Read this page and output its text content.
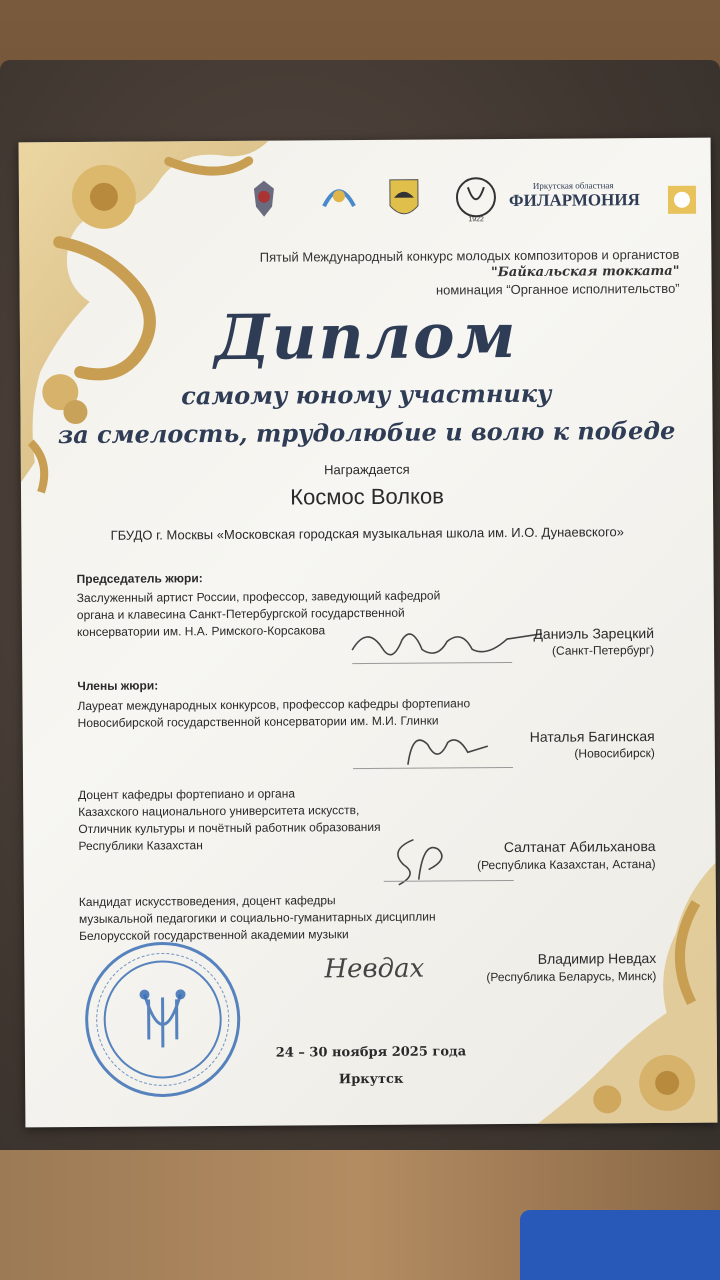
1922
Иркутская областная
ФИЛАРМОНИЯ
Пятый Международный конкурс молодых композиторов и органистов
"Байкальская токката"
номинация “Органное исполнительство”
Диплом
самому юному участнику
за смелость, трудолюбие и волю к победе
Награждается
Космос Волков
ГБУДО г. Москвы «Московская городская музыкальная школа им. И.О. Дунаевского»
Председатель жюри:
Заслуженный артист России, профессор, заведующий кафедрой
органа и клавесина Санкт-Петербургской государственной
консерватории им. Н.А. Римского-Корсакова	Даниэль Зарецкий
(Санкт-Петербург)
Члены жюри:
Лауреат международных конкурсов, профессор кафедры фортепиано
Новосибирской государственной консерватории им. М.И. Глинки
Наталья Багинская
(Новосибирск)
Доцент кафедры фортепиано и органа
Казахского национального университета искусств,
Отличник культуры и почётный работник образования
Республики Казахстан	Салтанат Абильханова
(Республика Казахстан, Астана)
Кандидат искусствоведения, доцент кафедры
музыкальной педагогики и социально-гуманитарных дисциплин
Белорусской государственной академии музыки
Невдах	Владимир Невдах
(Республика Беларусь, Минск)
24 – 30 ноября 2025 года
Иркутск
